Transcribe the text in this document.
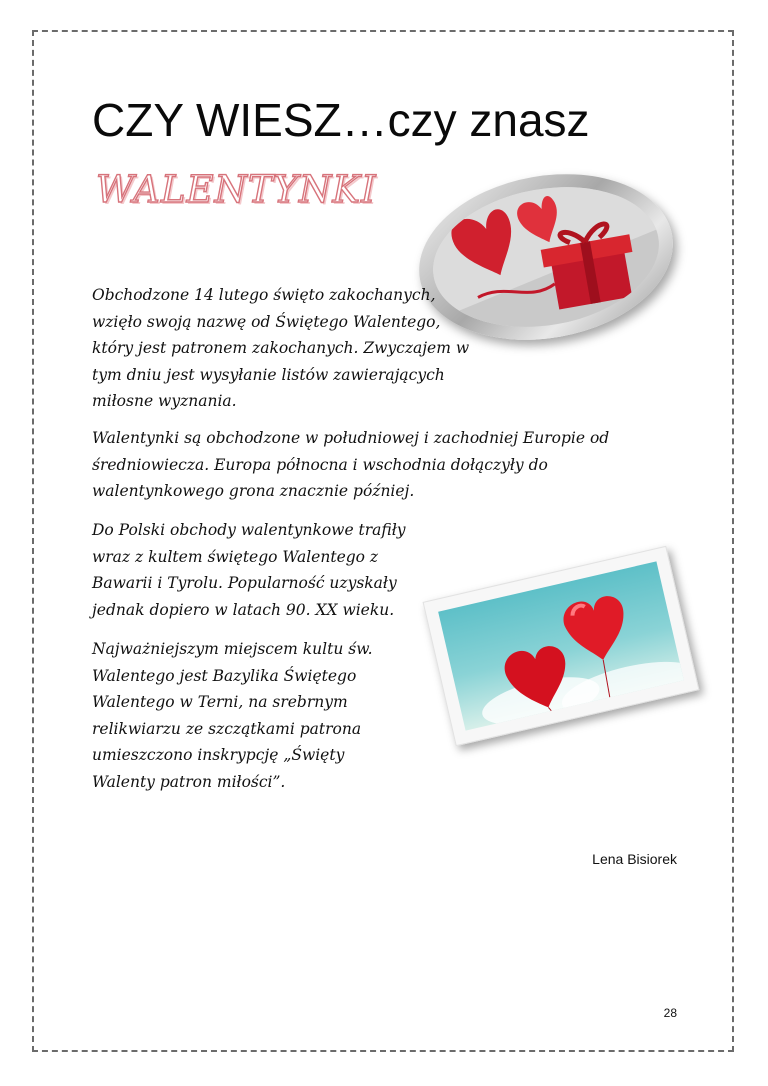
CZY WIESZ…czy znasz
WALENTYNKI

Obchodzone 14 lutego święto zakochanych, wzięło swoją nazwę od Świętego Walentego, który jest patronem zakochanych. Zwyczajem w tym dniu jest wysyłanie listów zawierających miłosne wyznania.

Walentynki są obchodzone w południowej i zachodniej Europie od średniowiecza. Europa północna i wschodnia dołączyły do walentynkowego grona znacznie później.

Do Polski obchody walentynkowe trafiły wraz z kultem świętego Walentego z Bawarii i Tyrolu. Popularność uzyskały jednak dopiero w latach 90. XX wieku.

Najważniejszym miejscem kultu św. Walentego jest Bazylika Świętego Walentego w Terni, na srebrnym relikwiarzu ze szczątkami patrona umieszczono inskrypcję „Święty Walenty patron miłości”.

Lena Bisiorek
28
